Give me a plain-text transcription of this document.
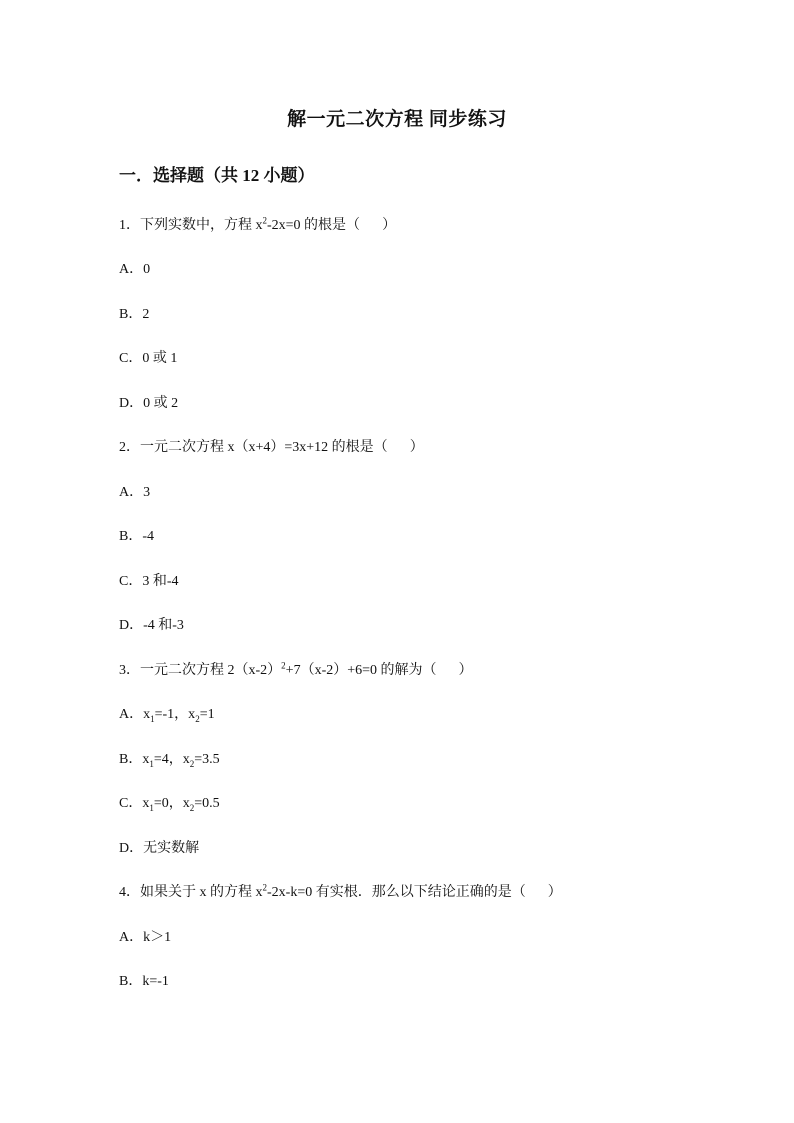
解一元二次方程 同步练习
一．选择题（共 12 小题）
1．下列实数中，方程 $x^2-2x=0$ 的根是（ ）
A．0
B．2
C．0 或 1
D．0 或 2
2．一元二次方程 x（x+4）=3x+12 的根是（ ）
A．3
B．-4
C．3 和-4
D．-4 和-3
3．一元二次方程 $2(x-2)^2+7(x-2)+6=0$ 的解为（ ）
A．$x_1=-1$，$x_2=1$
B．$x_1=4$，$x_2=3.5$
C．$x_1=0$，$x_2=0.5$
D．无实数解
4．如果关于 x 的方程 $x^2-2x-k=0$ 有实根．那么以下结论正确的是（ ）
A．k＞1
B．k=-1
